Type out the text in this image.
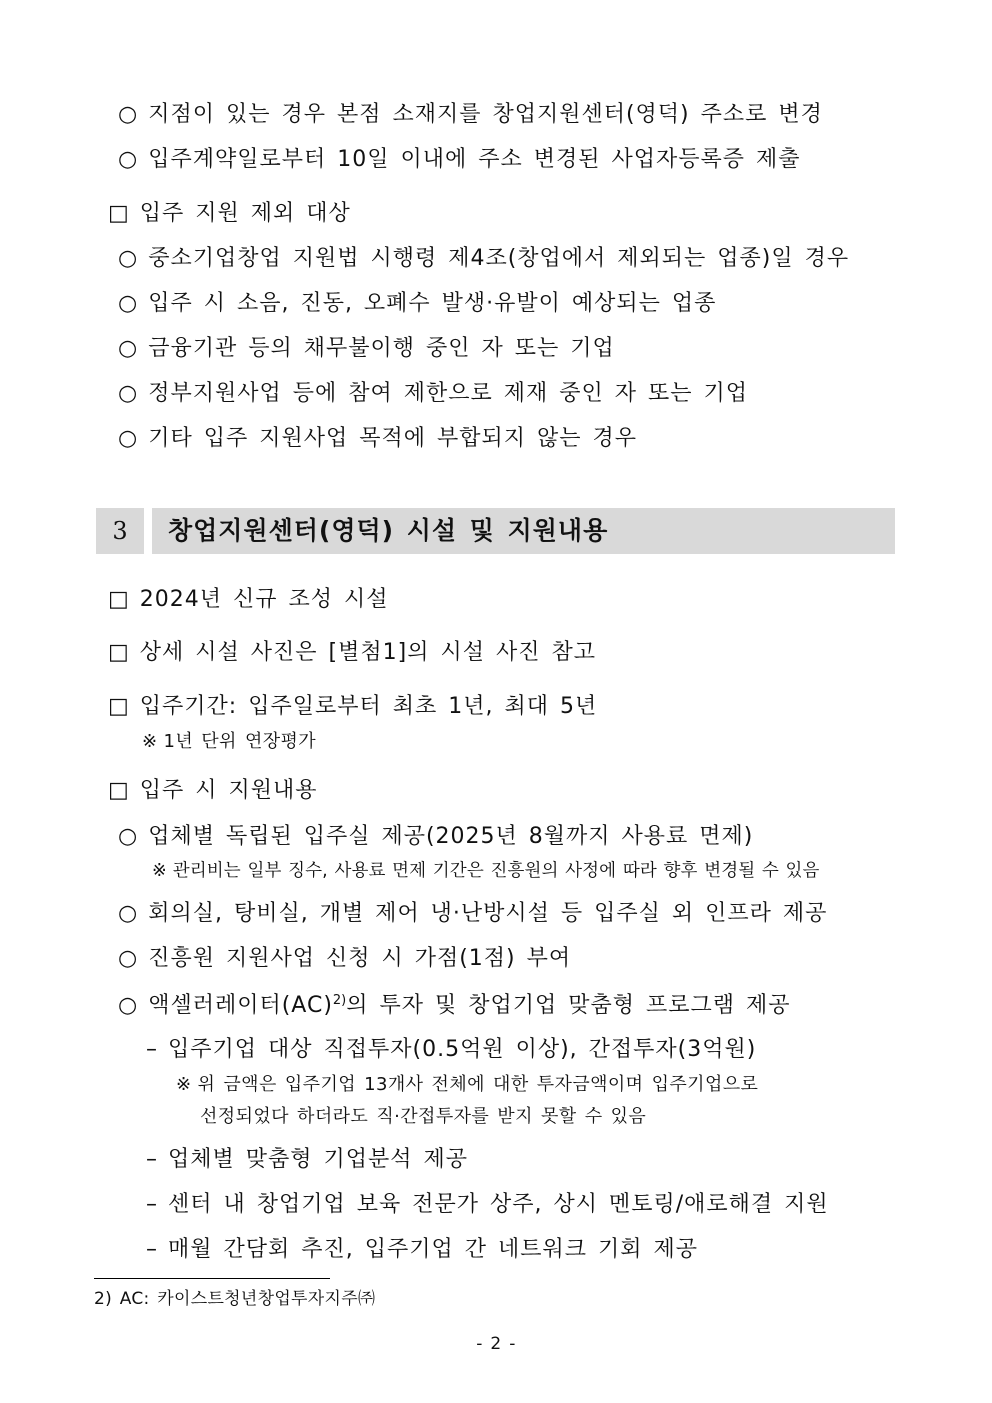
○ 지점이 있는 경우 본점 소재지를 창업지원센터(영덕) 주소로 변경
○ 입주계약일로부터 10일 이내에 주소 변경된 사업자등록증 제출
□ 입주 지원 제외 대상
○ 중소기업창업 지원법 시행령 제4조(창업에서 제외되는 업종)일 경우
○ 입주 시 소음, 진동, 오폐수 발생·유발이 예상되는 업종
○ 금융기관 등의 채무불이행 중인 자 또는 기업
○ 정부지원사업 등에 참여 제한으로 제재 중인 자 또는 기업
○ 기타 입주 지원사업 목적에 부합되지 않는 경우
3	창업지원센터(영덕) 시설 및 지원내용
□ 2024년 신규 조성 시설
□ 상세 시설 사진은 [별첨1]의 시설 사진 참고
□ 입주기간: 입주일로부터 최초 1년, 최대 5년
※ 1년 단위 연장평가
□ 입주 시 지원내용
○ 업체별 독립된 입주실 제공(2025년 8월까지 사용료 면제)
※ 관리비는 일부 징수, 사용료 면제 기간은 진흥원의 사정에 따라 향후 변경될 수 있음
○ 회의실, 탕비실, 개별 제어 냉·난방시설 등 입주실 외 인프라 제공
○ 진흥원 지원사업 신청 시 가점(1점) 부여
○ 액셀러레이터(AC)$^{2)}$의 투자 및 창업기업 맞춤형 프로그램 제공
– 입주기업 대상 직접투자(0.5억원 이상), 간접투자(3억원)
※ 위 금액은 입주기업 13개사 전체에 대한 투자금액이며 입주기업으로
선정되었다 하더라도 직·간접투자를 받지 못할 수 있음
– 업체별 맞춤형 기업분석 제공
– 센터 내 창업기업 보육 전문가 상주, 상시 멘토링/애로해결 지원
– 매월 간담회 추진, 입주기업 간 네트워크 기회 제공
2) AC: 카이스트청년창업투자지주㈜
- 2 -
